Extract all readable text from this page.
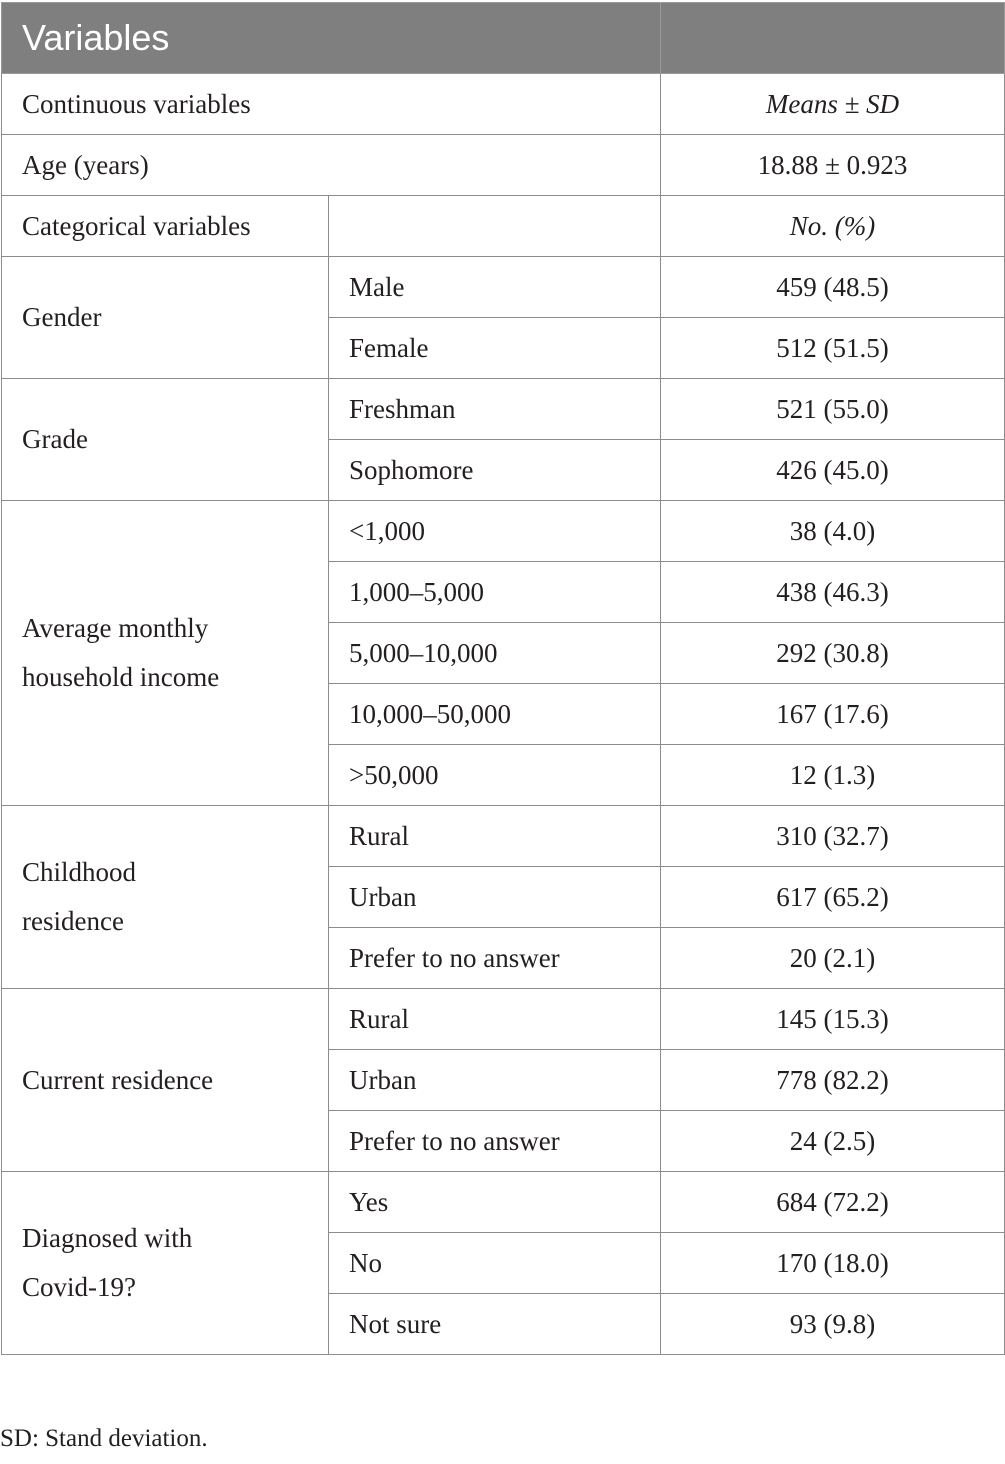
Variables		
Continuous variables		Means ± SD
Age (years)		18.88 ± 0.923
Categorical variables		No. (%)
Gender	Male	459 (48.5)
	Female	512 (51.5)
Grade	Freshman	521 (55.0)
	Sophomore	426 (45.0)
Average monthly household income	<1,000	38 (4.0)
	1,000–5,000	438 (46.3)
	5,000–10,000	292 (30.8)
	10,000–50,000	167 (17.6)
	>50,000	12 (1.3)
Childhood residence	Rural	310 (32.7)
	Urban	617 (65.2)
	Prefer to no answer	20 (2.1)
Current residence	Rural	145 (15.3)
	Urban	778 (82.2)
	Prefer to no answer	24 (2.5)
Diagnosed with Covid-19?	Yes	684 (72.2)
	No	170 (18.0)
	Not sure	93 (9.8)
SD: Stand deviation.
